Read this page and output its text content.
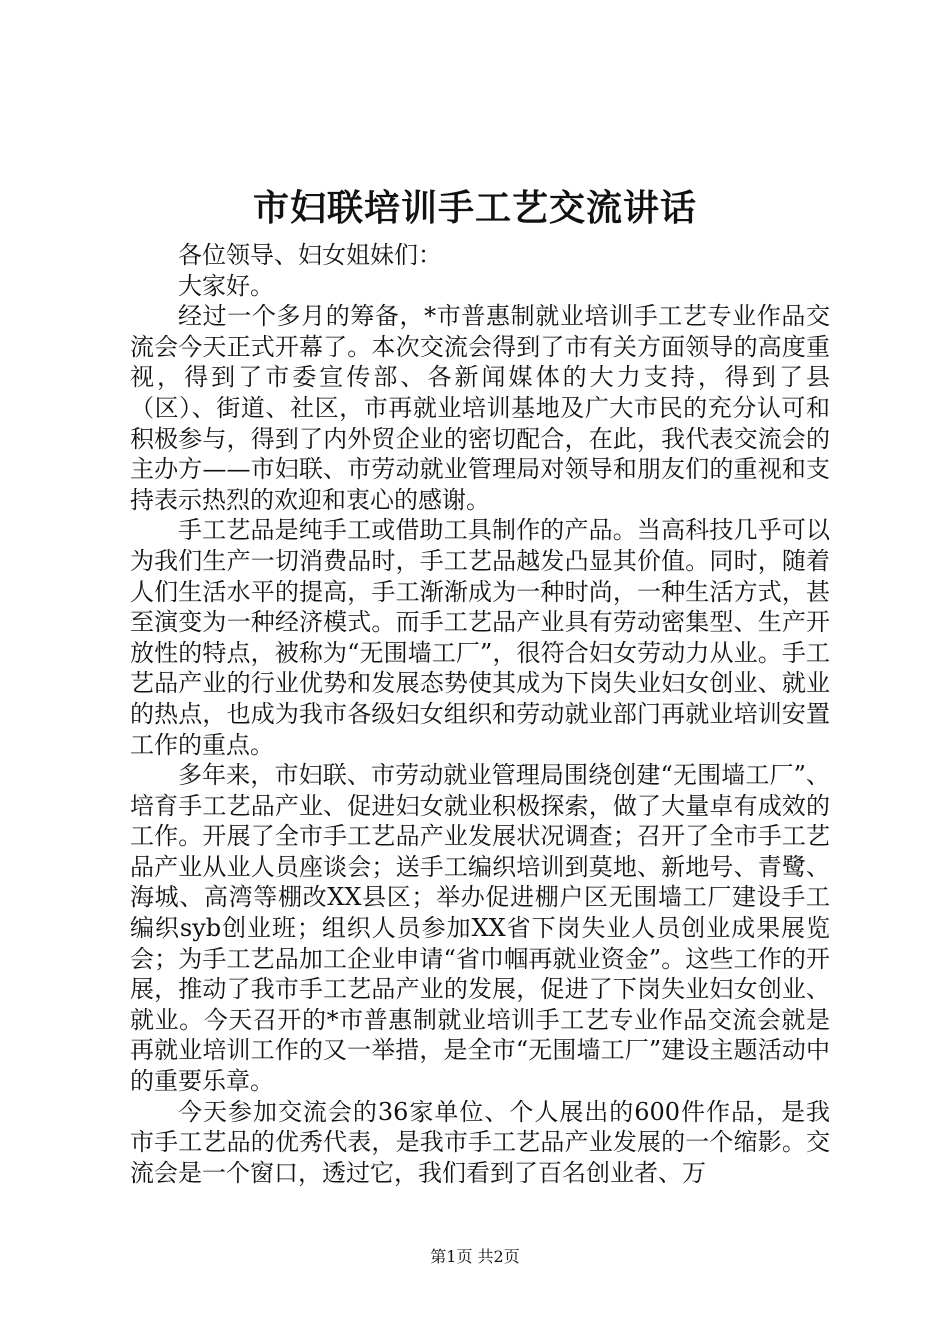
市妇联培训手工艺交流讲话

各位领导、妇女姐妹们：

大家好。

经过一个多月的筹备，*市普惠制就业培训手工艺专业作品交流会今天正式开幕了。本次交流会得到了市有关方面领导的高度重视，得到了市委宣传部、各新闻媒体的大力支持，得到了县（区）、街道、社区，市再就业培训基地及广大市民的充分认可和积极参与，得到了内外贸企业的密切配合，在此，我代表交流会的主办方——市妇联、市劳动就业管理局对领导和朋友们的重视和支持表示热烈的欢迎和衷心的感谢。

手工艺品是纯手工或借助工具制作的产品。当高科技几乎可以为我们生产一切消费品时，手工艺品越发凸显其价值。同时，随着人们生活水平的提高，手工渐渐成为一种时尚，一种生活方式，甚至演变为一种经济模式。而手工艺品产业具有劳动密集型、生产开放性的特点，被称为“无围墙工厂”，很符合妇女劳动力从业。手工艺品产业的行业优势和发展态势使其成为下岗失业妇女创业、就业的热点，也成为我市各级妇女组织和劳动就业部门再就业培训安置工作的重点。

多年来，市妇联、市劳动就业管理局围绕创建“无围墙工厂”、培育手工艺品产业、促进妇女就业积极探索，做了大量卓有成效的工作。开展了全市手工艺品产业发展状况调查；召开了全市手工艺品产业从业人员座谈会；送手工编织培训到莫地、新地号、青鹭、海城、高湾等棚改XX县区；举办促进棚户区无围墙工厂建设手工编织syb创业班；组织人员参加XX省下岗失业人员创业成果展览会；为手工艺品加工企业申请“省巾帼再就业资金”。这些工作的开展，推动了我市手工艺品产业的发展，促进了下岗失业妇女创业、就业。今天召开的*市普惠制就业培训手工艺专业作品交流会就是再就业培训工作的又一举措，是全市“无围墙工厂”建设主题活动中的重要乐章。

今天参加交流会的36家单位、个人展出的600件作品，是我市手工艺品的优秀代表，是我市手工艺品产业发展的一个缩影。交流会是一个窗口，透过它，我们看到了百名创业者、万

第1页 共2页
